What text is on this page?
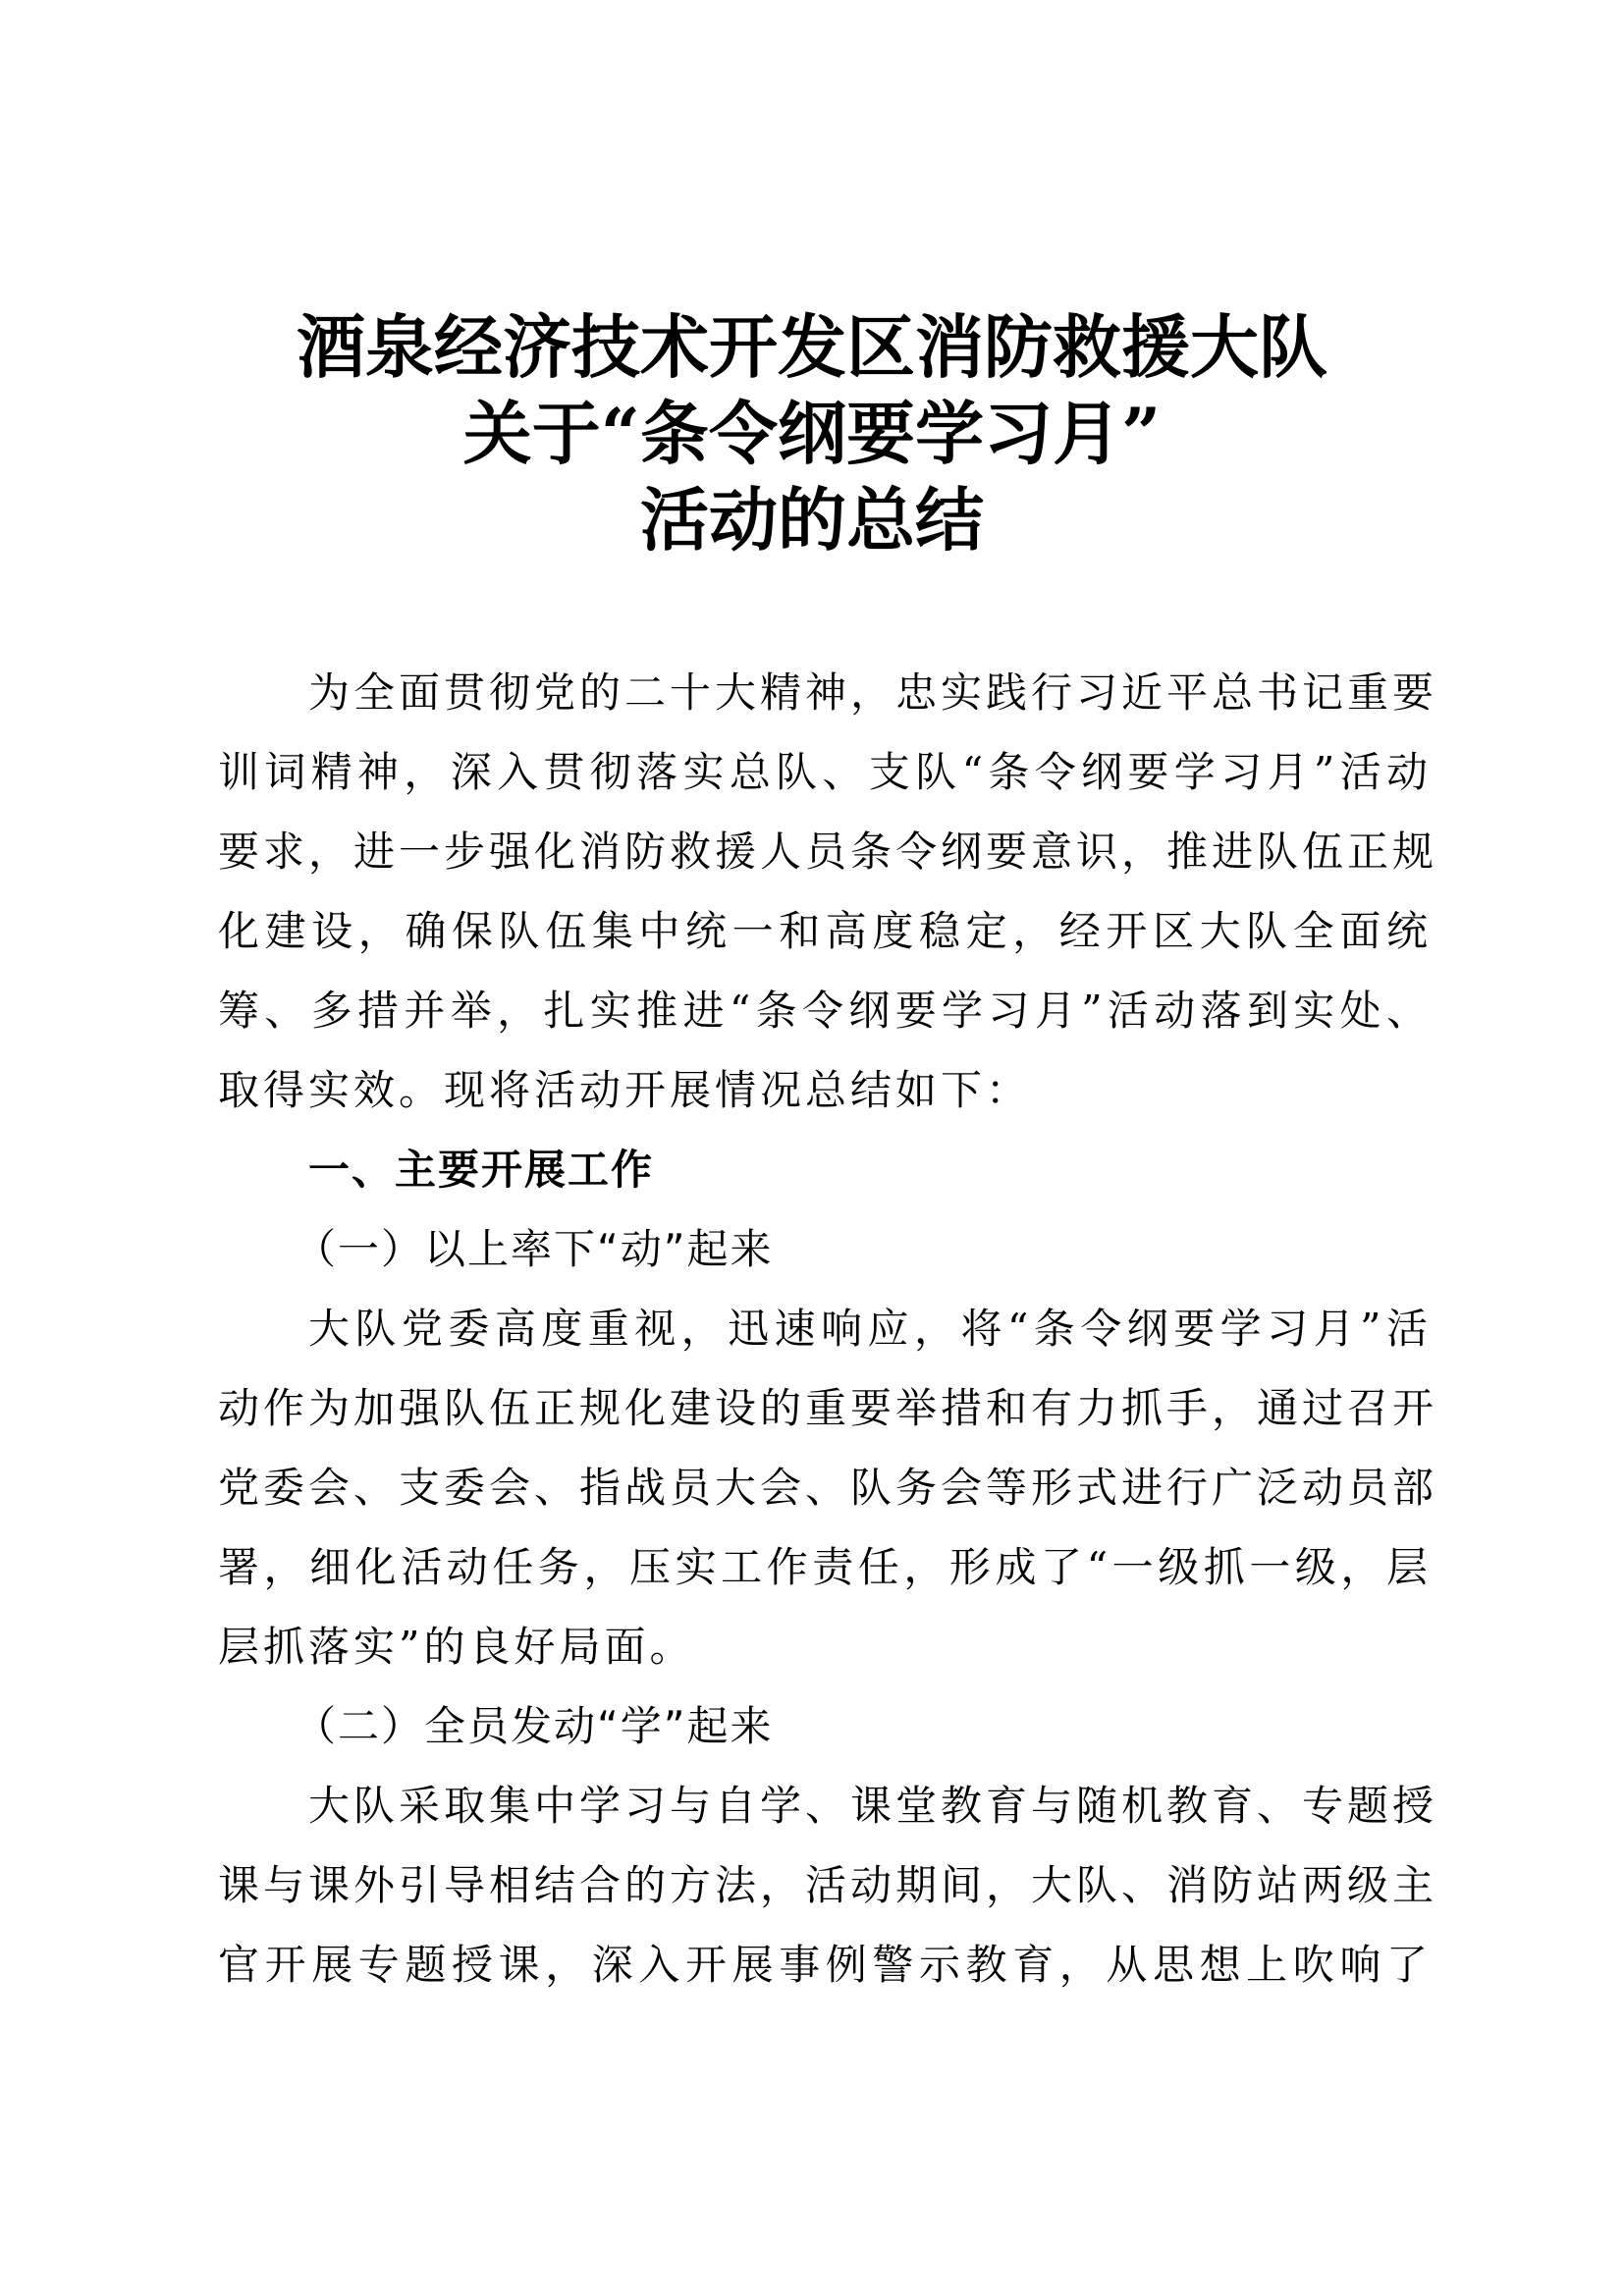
酒泉经济技术开发区消防救援大队
关于“条令纲要学习月”
活动的总结
为全面贯彻党的二十大精神，忠实践行习近平总书记重要
训词精神，深入贯彻落实总队、支队“条令纲要学习月”活动
要求，进一步强化消防救援人员条令纲要意识，推进队伍正规
化建设，确保队伍集中统一和高度稳定，经开区大队全面统
筹、多措并举，扎实推进“条令纲要学习月”活动落到实处、
取得实效。现将活动开展情况总结如下：
一、主要开展工作
（一）以上率下“动”起来
大队党委高度重视，迅速响应，将“条令纲要学习月”活
动作为加强队伍正规化建设的重要举措和有力抓手，通过召开
党委会、支委会、指战员大会、队务会等形式进行广泛动员部
署，细化活动任务，压实工作责任，形成了“一级抓一级，层
层抓落实”的良好局面。
（二）全员发动“学”起来
大队采取集中学习与自学、课堂教育与随机教育、专题授
课与课外引导相结合的方法，活动期间，大队、消防站两级主
官开展专题授课，深入开展事例警示教育，从思想上吹响了
